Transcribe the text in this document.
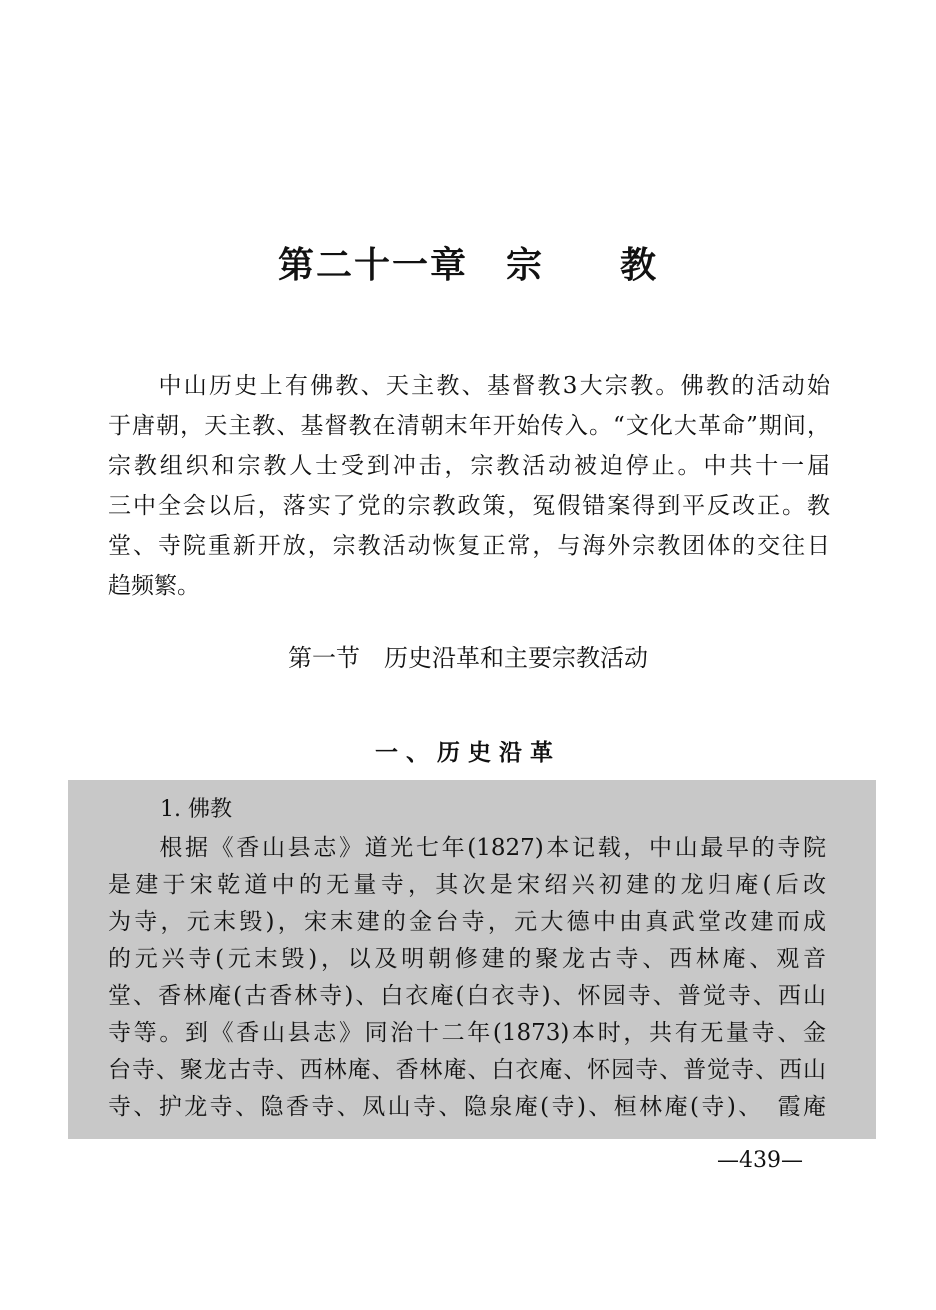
第二十一章　宗　　教
　　中山历史上有佛教、天主教、基督教3大宗教。佛教的活动始
于唐朝，天主教、基督教在清朝末年开始传入。“文化大革命”期间，
宗教组织和宗教人士受到冲击，宗教活动被迫停止。中共十一届
三中全会以后，落实了党的宗教政策，冤假错案得到平反改正。教
堂、寺院重新开放，宗教活动恢复正常，与海外宗教团体的交往日
趋频繁。
第一节　历史沿革和主要宗教活动
一、历史沿革
1. 佛教
　　根据《香山县志》道光七年(1827)本记载，中山最早的寺院
是建于宋乾道中的无量寺，其次是宋绍兴初建的龙归庵(后改
为寺，元末毁)，宋末建的金台寺，元大德中由真武堂改建而成
的元兴寺(元末毁)，以及明朝修建的聚龙古寺、西林庵、观音
堂、香林庵(古香林寺)、白衣庵(白衣寺)、怀园寺、普觉寺、西山
寺等。到《香山县志》同治十二年(1873)本时，共有无量寺、金
台寺、聚龙古寺、西林庵、香林庵、白衣庵、怀园寺、普觉寺、西山
寺、护龙寺、隐香寺、凤山寺、隐泉庵(寺)、桓林庵(寺)、　霞庵
—439—
